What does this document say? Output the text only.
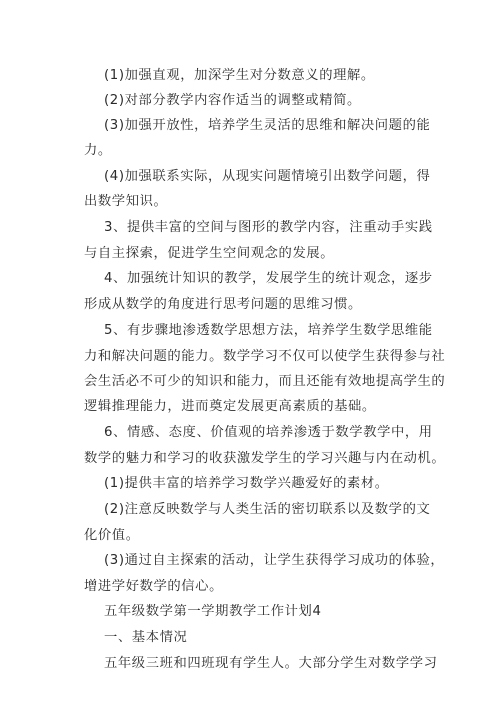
(1)加强直观，加深学生对分数意义的理解。
(2)对部分教学内容作适当的调整或精简。
(3)加强开放性，培养学生灵活的思维和解决问题的能
力。
(4)加强联系实际，从现实问题情境引出数学问题，得
出数学知识。
3、提供丰富的空间与图形的教学内容，注重动手实践
与自主探索，促进学生空间观念的发展。
4、加强统计知识的教学，发展学生的统计观念，逐步
形成从数学的角度进行思考问题的思维习惯。
5、有步骤地渗透数学思想方法，培养学生数学思维能
力和解决问题的能力。数学学习不仅可以使学生获得参与社
会生活必不可少的知识和能力，而且还能有效地提高学生的
逻辑推理能力，进而奠定发展更高素质的基础。
6、情感、态度、价值观的培养渗透于数学教学中，用
数学的魅力和学习的收获激发学生的学习兴趣与内在动机。
(1)提供丰富的培养学习数学兴趣爱好的素材。
(2)注意反映数学与人类生活的密切联系以及数学的文
化价值。
(3)通过自主探索的活动，让学生获得学习成功的体验，
增进学好数学的信心。
五年级数学第一学期教学工作计划4
一、基本情况
五年级三班和四班现有学生人。大部分学生对数学学习
